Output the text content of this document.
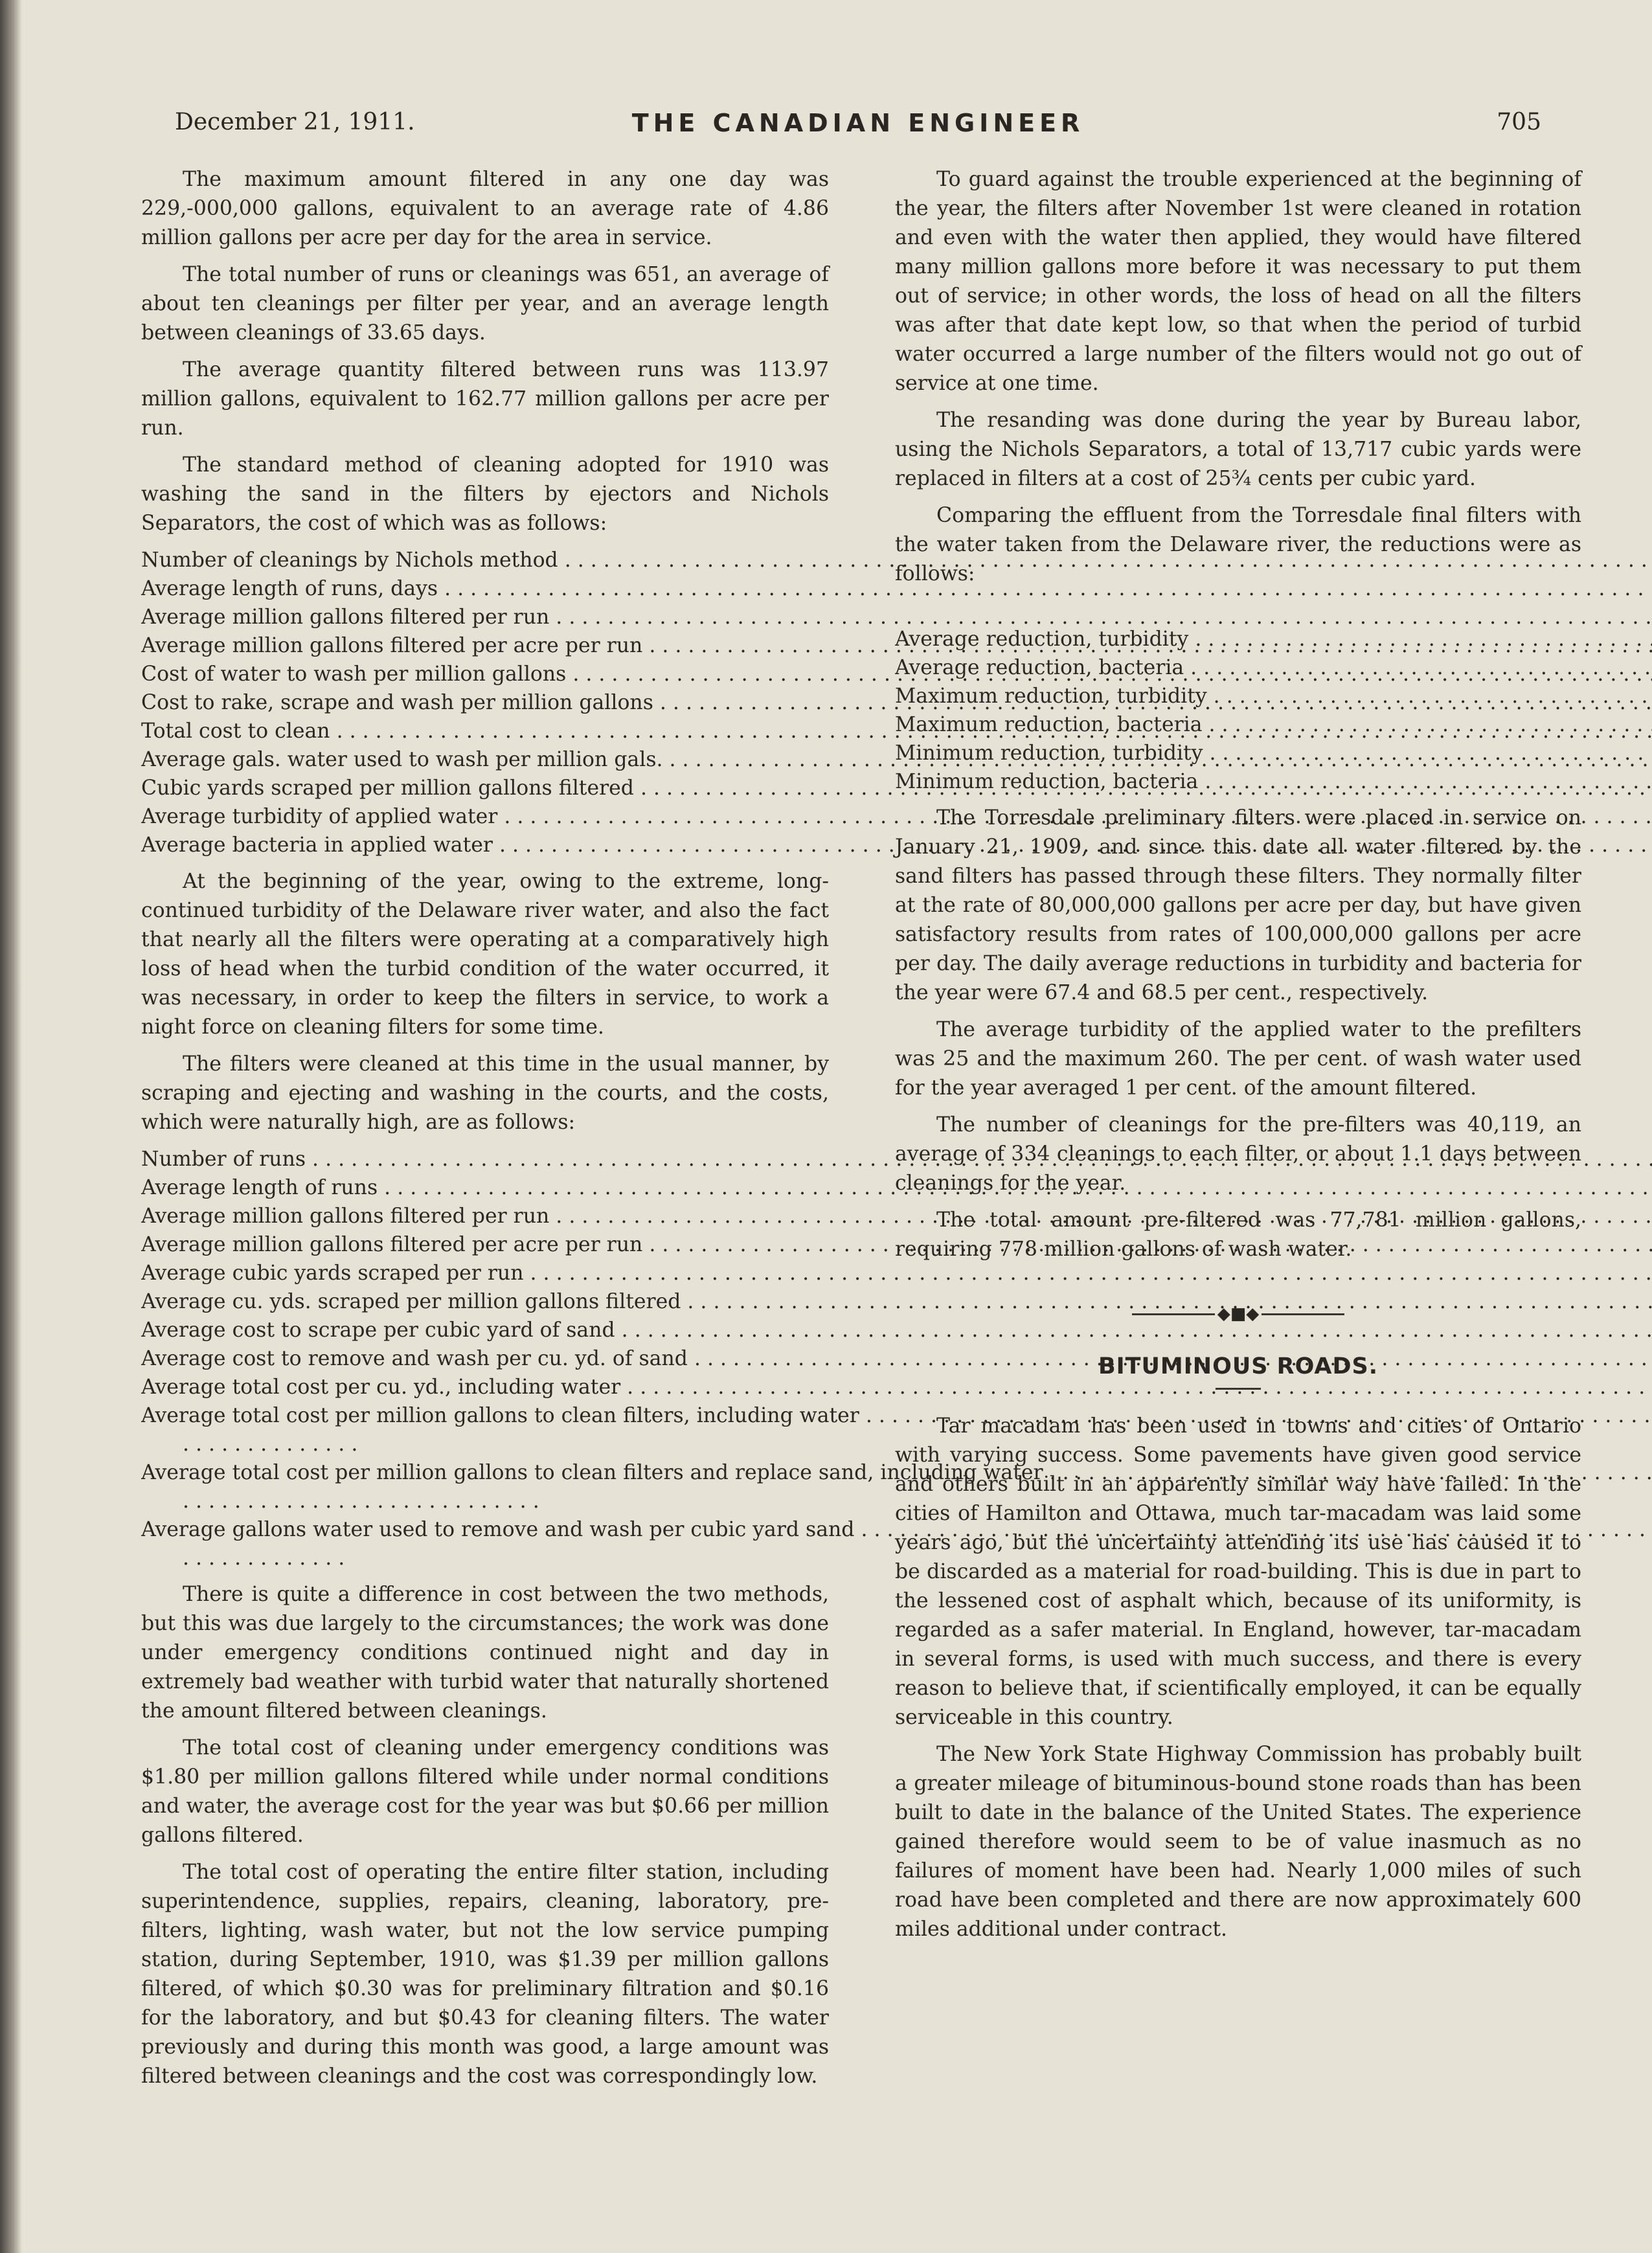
December 21, 1911.	THE CANADIAN ENGINEER	705

The maximum amount filtered in any one day was 229,-000,000 gallons, equivalent to an average rate of 4.86 million gallons per acre per day for the area in service.

The total number of runs or cleanings was 651, an average of about ten cleanings per filter per year, and an average length between cleanings of 33.65 days.

The average quantity filtered between runs was 113.97 million gallons, equivalent to 162.77 million gallons per acre per run.

The standard method of cleaning adopted for 1910 was washing the sand in the filters by ejectors and Nichols Separators, the cost of which was as follows:

Number of cleanings by Nichols method . . .	
Average length of runs, days . . .	
Average million gallons filtered per run . . .	
Average million gallons filtered per acre per run . . .	
Cost of water to wash per million gallons . . .	
Cost to rake, scrape and wash per million gallons . . .	
Total cost to clean . . .	
Average gals. water used to wash per million gals. . . .	
Cubic yards scraped per million gallons filtered . . .	
Average turbidity of applied water . . .	
Average bacteria in applied water . . .	

At the beginning of the year, owing to the extreme, long-continued turbidity of the Delaware river water, and also the fact that nearly all the filters were operating at a comparatively high loss of head when the turbid condition of the water occurred, it was necessary, in order to keep the filters in service, to work a night force on cleaning filters for some time.

The filters were cleaned at this time in the usual manner, by scraping and ejecting and washing in the courts, and the costs, which were naturally high, are as follows:

Number of runs . . .	
Average length of runs . . .	
Average million gallons filtered per run . . .	
Average million gallons filtered per acre per run . . .	
Average cubic yards scraped per run . . .	
Average cu. yds. scraped per million gallons filtered . . .	
Average cost to scrape per cubic yard of sand . . .	
Average cost to remove and wash per cu. yd. of sand . . .	
Average total cost per cu. yd., including water . . .	
Average total cost per million gallons to clean filters, including water . . .	
Average total cost per million gallons to clean filters and replace sand, including water . . .	
Average gallons water used to remove and wash per cubic yard sand . . .	

There is quite a difference in cost between the two methods, but this was due largely to the circumstances; the work was done under emergency conditions continued night and day in extremely bad weather with turbid water that naturally shortened the amount filtered between cleanings.

The total cost of cleaning under emergency conditions was $1.80 per million gallons filtered while under normal conditions and water, the average cost for the year was but $0.66 per million gallons filtered.

The total cost of operating the entire filter station, including superintendence, supplies, repairs, cleaning, laboratory, pre-filters, lighting, wash water, but not the low service pumping station, during September, 1910, was $1.39 per million gallons filtered, of which $0.30 was for preliminary filtration and $0.16 for the laboratory, and but $0.43 for cleaning filters. The water previously and during this month was good, a large amount was filtered between cleanings and the cost was correspondingly low.

To guard against the trouble experienced at the beginning of the year, the filters after November 1st were cleaned in rotation and even with the water then applied, they would have filtered many million gallons more before it was necessary to put them out of service; in other words, the loss of head on all the filters was after that date kept low, so that when the period of turbid water occurred a large number of the filters would not go out of service at one time.

The resanding was done during the year by Bureau labor, using the Nichols Separators, a total of 13,717 cubic yards were replaced in filters at a cost of 25¾ cents per cubic yard.

Comparing the effluent from the Torresdale final filters with the water taken from the Delaware river, the reductions were as follows:

Average reduction, turbidity . . .	
Average reduction, bacteria . . .	
Maximum reduction, turbidity . . .	
Maximum reduction, bacteria . . .	
Minimum reduction, turbidity . . .	
Minimum reduction, bacteria . . .	

The Torresdale preliminary filters were placed in service on January 21, 1909, and since this date all water filtered by the sand filters has passed through these filters. They normally filter at the rate of 80,000,000 gallons per acre per day, but have given satisfactory results from rates of 100,000,000 gallons per acre per day. The daily average reductions in turbidity and bacteria for the year were 67.4 and 68.5 per cent., respectively.

The average turbidity of the applied water to the prefilters was 25 and the maximum 260. The per cent. of wash water used for the year averaged 1 per cent. of the amount filtered.

The number of cleanings for the pre-filters was 40,119, an average of 334 cleanings to each filter, or about 1.1 days between cleanings for the year.

The total amount pre-filtered was 77,781 million gallons, requiring 778 million gallons of wash water.

◆■◆
BITUMINOUS ROADS.

Tar macadam has been used in towns and cities of Ontario with varying success. Some pavements have given good service and others built in an apparently similar way have failed. In the cities of Hamilton and Ottawa, much tar-macadam was laid some years ago, but the uncertainty attending its use has caused it to be discarded as a material for road-building. This is due in part to the lessened cost of asphalt which, because of its uniformity, is regarded as a safer material. In England, however, tar-macadam in several forms, is used with much success, and there is every reason to believe that, if scientifically employed, it can be equally serviceable in this country.

The New York State Highway Commission has probably built a greater mileage of bituminous-bound stone roads than has been built to date in the balance of the United States. The experience gained therefore would seem to be of value inasmuch as no failures of moment have been had. Nearly 1,000 miles of such road have been completed and there are now approximately 600 miles additional under contract.
